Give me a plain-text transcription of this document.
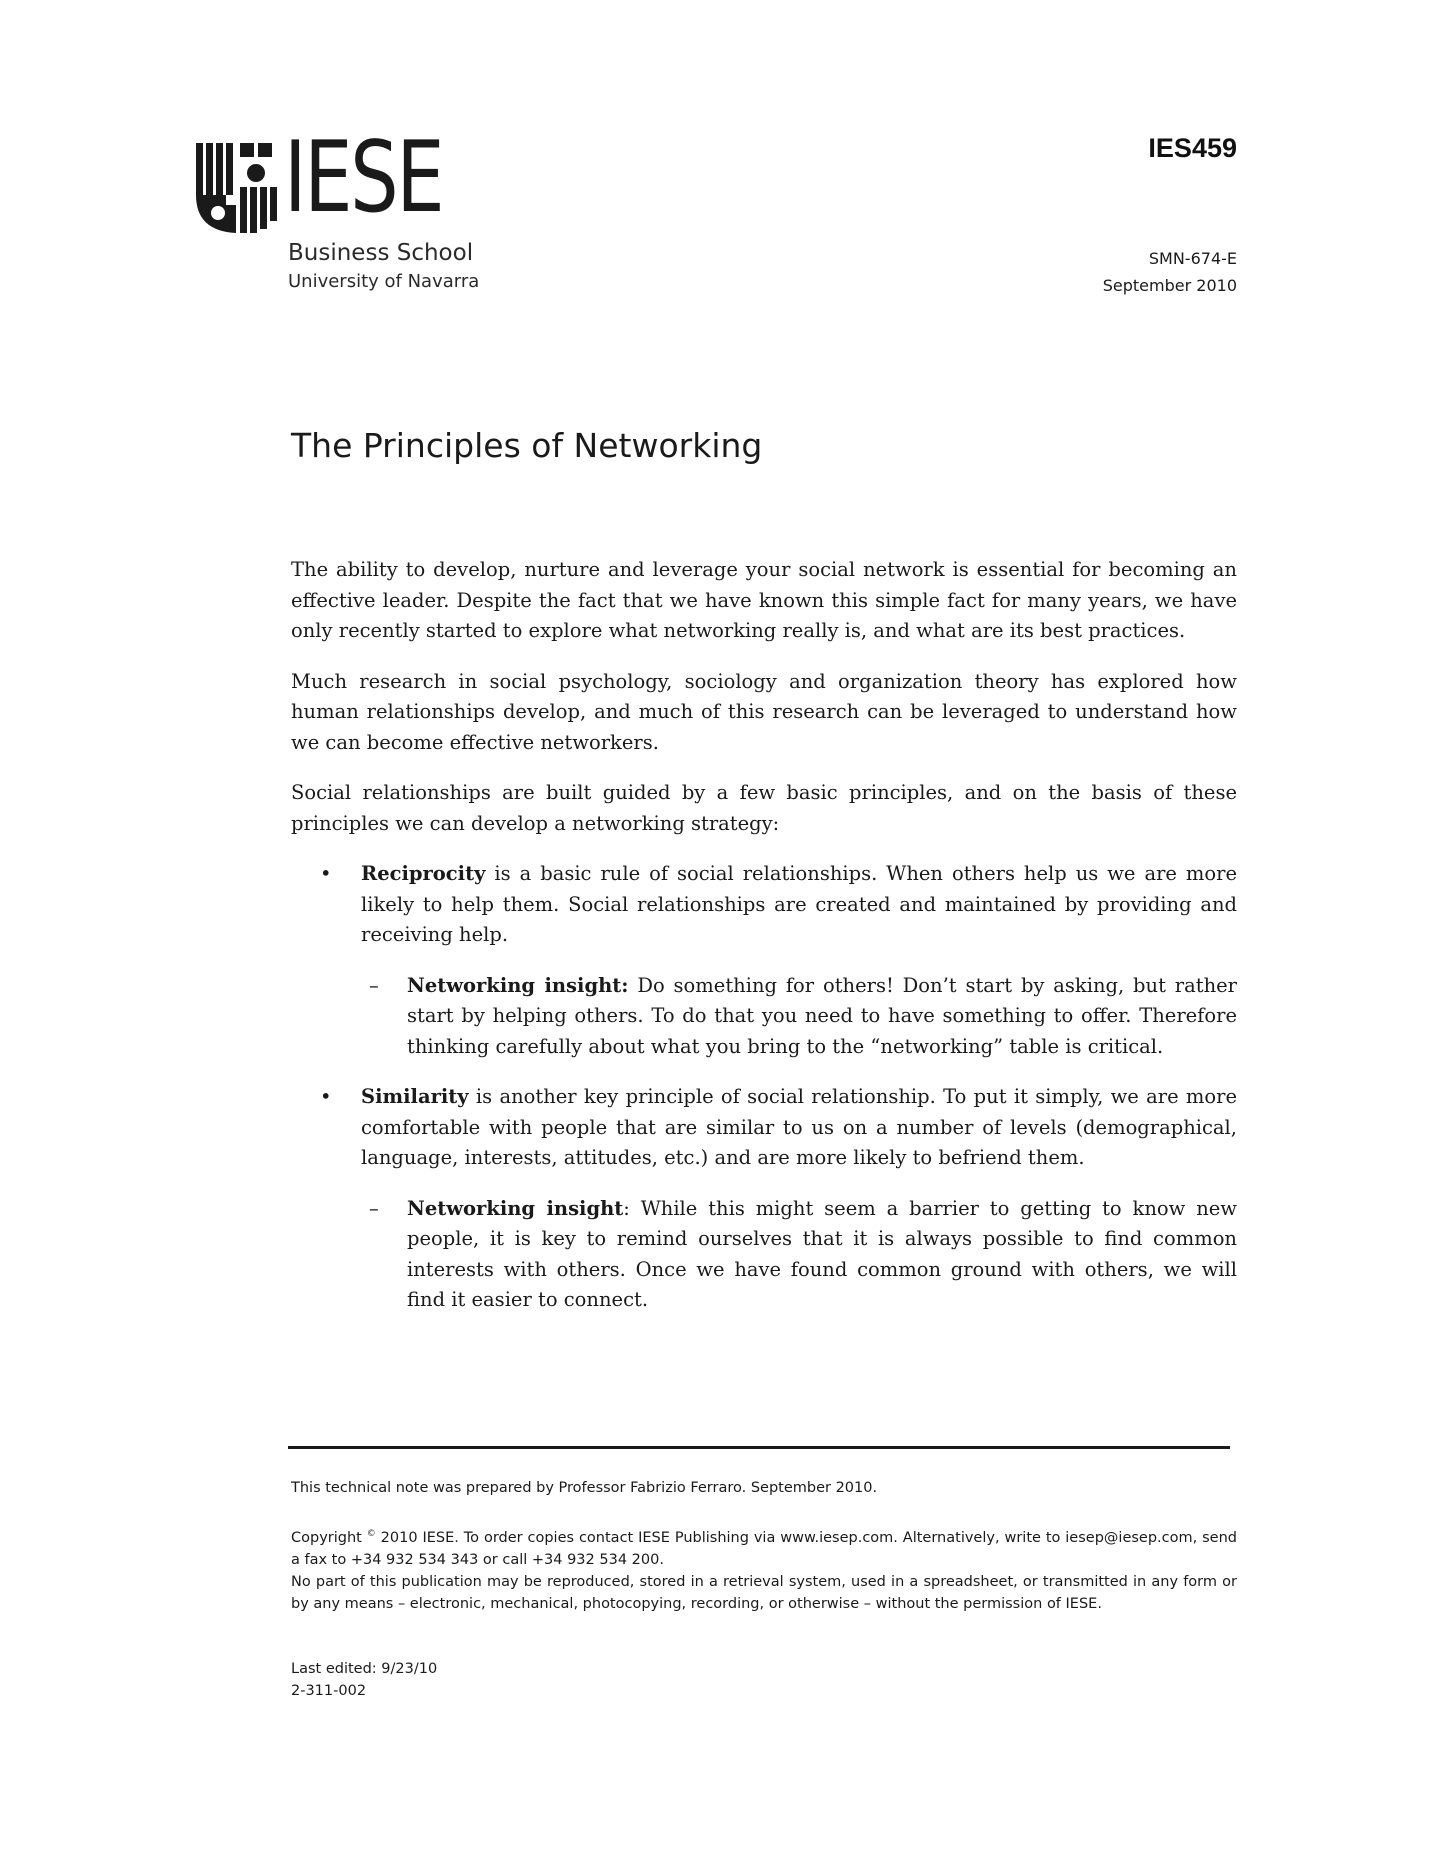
IESE
Business School
University of Navarra
IES459
SMN-674-E
September 2010
The Principles of Networking

The ability to develop, nurture and leverage your social network is essential for becoming an effective leader. Despite the fact that we have known this simple fact for many years, we have only recently started to explore what networking really is, and what are its best practices.

Much research in social psychology, sociology and organization theory has explored how human relationships develop, and much of this research can be leveraged to understand how we can become effective networkers.

Social relationships are built guided by a few basic principles, and on the basis of these principles we can develop a networking strategy:

• Reciprocity is a basic rule of social relationships. When others help us we are more likely to help them. Social relationships are created and maintained by providing and receiving help.
– Networking insight: Do something for others! Don’t start by asking, but rather start by helping others. To do that you need to have something to offer. Therefore thinking carefully about what you bring to the “networking” table is critical.
• Similarity is another key principle of social relationship. To put it simply, we are more comfortable with people that are similar to us on a number of levels (demographical, language, interests, attitudes, etc.) and are more likely to befriend them.
– Networking insight: While this might seem a barrier to getting to know new people, it is key to remind ourselves that it is always possible to find common interests with others. Once we have found common ground with others, we will find it easier to connect.

This technical note was prepared by Professor Fabrizio Ferraro. September 2010.

Copyright © 2010 IESE. To order copies contact IESE Publishing via www.iesep.com. Alternatively, write to iesep@iesep.com, send a fax to +34 932 534 343 or call +34 932 534 200.

No part of this publication may be reproduced, stored in a retrieval system, used in a spreadsheet, or transmitted in any form or by any means – electronic, mechanical, photocopying, recording, or otherwise – without the permission of IESE.

Last edited: 9/23/10

2-311-002
